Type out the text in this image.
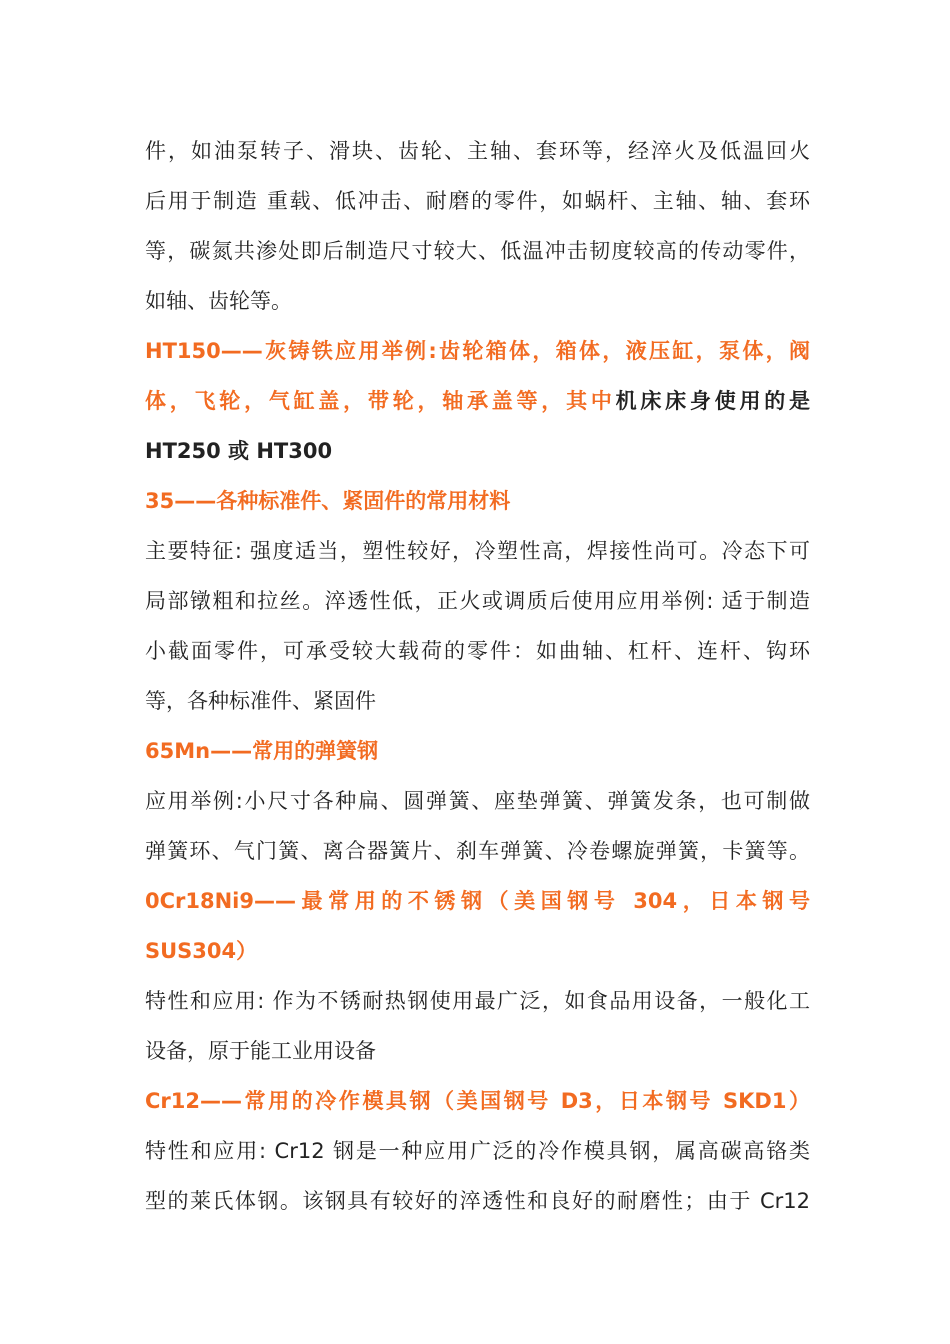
件，如油泵转子、滑块、齿轮、主轴、套环等，经淬火及低温回火
后用于制造 重载、低冲击、耐磨的零件，如蜗杆、主轴、轴、套环
等，碳氮共渗处即后制造尺寸较大、低温冲击韧度较高的传动零件，
如轴、齿轮等。
HT150——灰铸铁应用举例:齿轮箱体，箱体，液压缸，泵体，阀
体，飞轮，气缸盖，带轮，轴承盖等，其中机床床身使用的是
HT250 或 HT300
35——各种标准件、紧固件的常用材料
主要特征: 强度适当，塑性较好，冷塑性高，焊接性尚可。冷态下可
局部镦粗和拉丝。淬透性低，正火或调质后使用应用举例: 适于制造
小截面零件，可承受较大载荷的零件：如曲轴、杠杆、连杆、钩环
等，各种标准件、紧固件
65Mn——常用的弹簧钢
应用举例:小尺寸各种扁、圆弹簧、座垫弹簧、弹簧发条，也可制做
弹簧环、气门簧、离合器簧片、刹车弹簧、冷卷螺旋弹簧，卡簧等。
0Cr18Ni9——最常用的不锈钢（美国钢号 304，日本钢号
SUS304）
特性和应用: 作为不锈耐热钢使用最广泛，如食品用设备，一般化工
设备，原于能工业用设备
Cr12——常用的冷作模具钢（美国钢号 D3，日本钢号 SKD1）
特性和应用: Cr12 钢是一种应用广泛的冷作模具钢，属高碳高铬类
型的莱氏体钢。该钢具有较好的淬透性和良好的耐磨性；由于 Cr12
